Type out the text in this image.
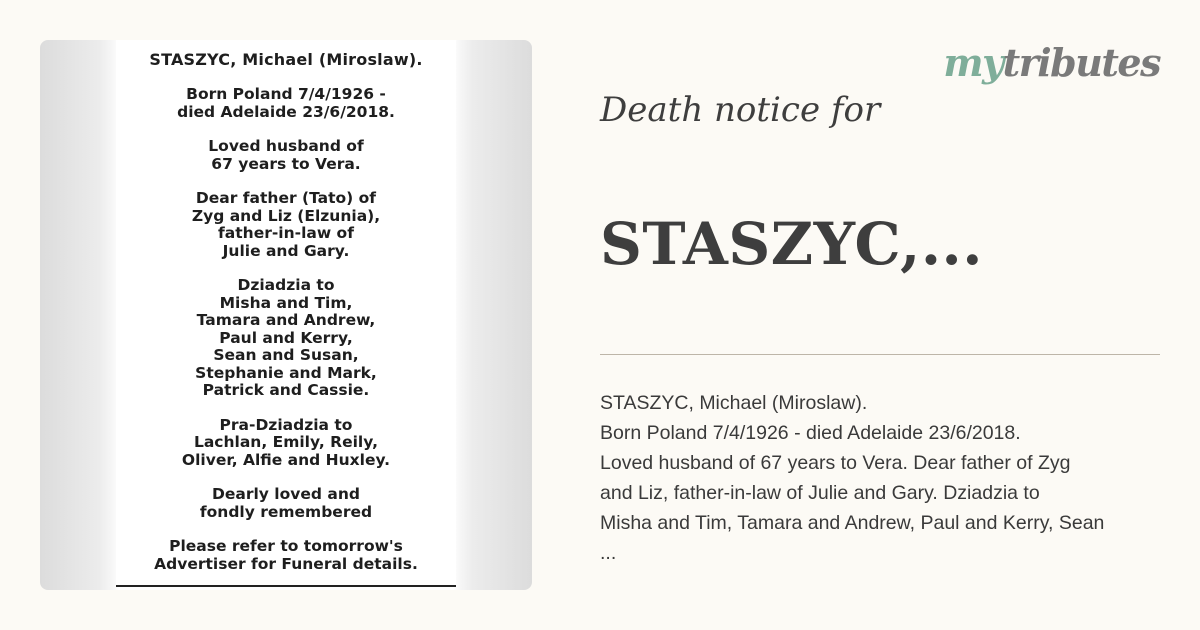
STASZYC, Michael (Miroslaw).
Born Poland 7/4/1926 -
died Adelaide 23/6/2018.
Loved husband of
67 years to Vera.
Dear father (Tato) of
Zyg and Liz (Elzunia),
father-in-law of
Julie and Gary.
Dziadzia to
Misha and Tim,
Tamara and Andrew,
Paul and Kerry,
Sean and Susan,
Stephanie and Mark,
Patrick and Cassie.
Pra-Dziadzia to
Lachlan, Emily, Reily,
Oliver, Alfie and Huxley.
Dearly loved and
fondly remembered
Please refer to tomorrow's
Advertiser for Funeral details.
mytributes
Death notice for
STASZYC,...
STASZYC, Michael (Miroslaw).
Born Poland 7/4/1926 - died Adelaide 23/6/2018.
Loved husband of 67 years to Vera. Dear father of Zyg
and Liz, father-in-law of Julie and Gary. Dziadzia to
Misha and Tim, Tamara and Andrew, Paul and Kerry, Sean
...
